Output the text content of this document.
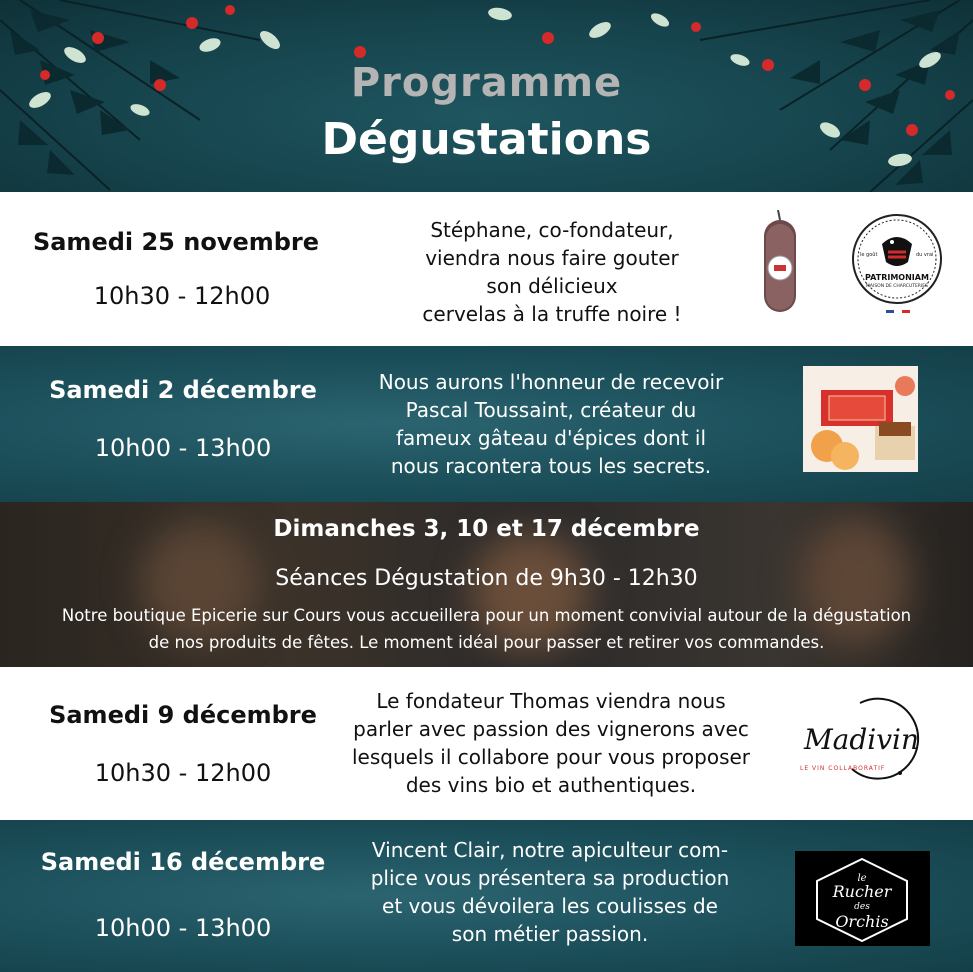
Programme
Dégustations
Samedi 25 novembre
10h30 - 12h00
Stéphane, co-fondateur,
viendra nous faire gouter
son délicieux
cervelas à la truffe noire !
PATRIMONIAM
MAISON DE CHARCUTERIES
le goût	du vrai
Samedi 2 décembre
10h00 - 13h00
Nous aurons l'honneur de recevoir
Pascal Toussaint, créateur du
fameux gâteau d'épices dont il
nous racontera tous les secrets.
Dimanches 3, 10 et 17 décembre
Séances Dégustation de 9h30 - 12h30
Notre boutique Epicerie sur Cours vous accueillera pour un moment convivial autour de la dégustation
de nos produits de fêtes. Le moment idéal pour passer et retirer vos commandes.
Samedi 9 décembre
10h30 - 12h00
Le fondateur Thomas viendra nous
parler avec passion des vignerons avec
lesquels il collabore pour vous proposer
des vins bio et authentiques.
Madivin
LE VIN COLLABORATIF
Samedi 16 décembre
10h00 - 13h00
Vincent Clair, notre apiculteur com-
plice vous présentera sa production
et vous dévoilera les coulisses de
son métier passion.
le
Rucher
des
Orchis
